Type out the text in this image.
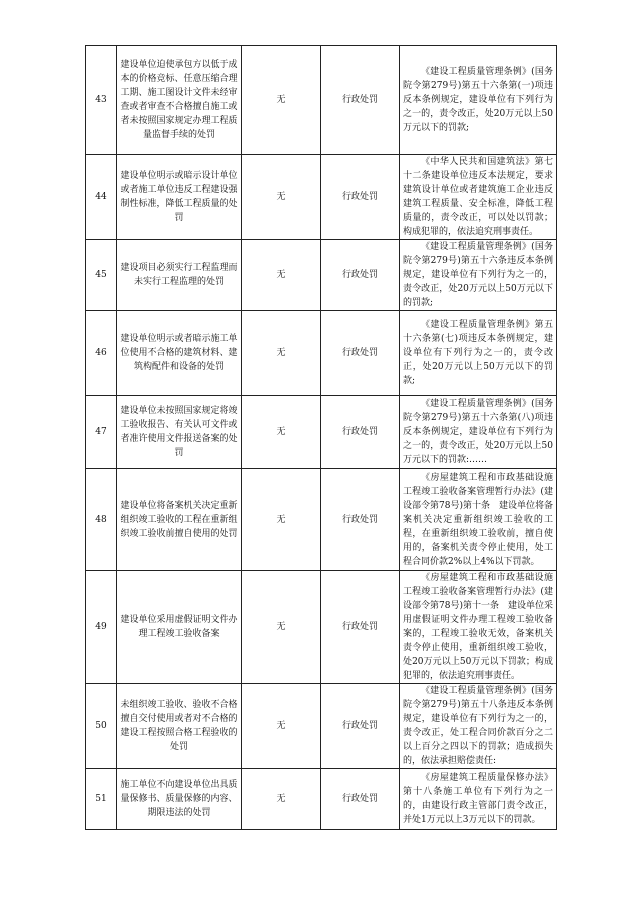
43	建设单位迫使承包方以低于成本的价格竞标、任意压缩合理工期、施工图设计文件未经审查或者审查不合格擅自施工或者未按照国家规定办理工程质量监督手续的处罚	无	行政处罚	《建设工程质量管理条例》(国务院令第279号)第五十六条第(一)项违反本条例规定，建设单位有下列行为之一的，责令改正，处20万元以上50万元以下的罚款;
44	建设单位明示或暗示设计单位或者施工单位违反工程建设强制性标准，降低工程质量的处罚	无	行政处罚	《中华人民共和国建筑法》第七十二条建设单位违反本法规定，要求建筑设计单位或者建筑施工企业违反建筑工程质量、安全标准，降低工程质量的，责令改正，可以处以罚款；构成犯罪的，依法追究刑事责任。
45	建设项目必须实行工程监理而未实行工程监理的处罚	无	行政处罚	《建设工程质量管理条例》(国务院令第279号)第五十六条违反本条例规定，建设单位有下列行为之一的，责令改正，处20万元以上50万元以下的罚款;
46	建设单位明示或者暗示施工单位使用不合格的建筑材料、建筑构配件和设备的处罚	无	行政处罚	《建设工程质量管理条例》第五十六条第(七)项违反本条例规定，建设单位有下列行为之一的，责令改正，处20万元以上50万元以下的罚款;
47	建设单位未按照国家规定将竣工验收报告、有关认可文件或者准许使用文件报送备案的处罚	无	行政处罚	《建设工程质量管理条例》(国务院令第279号)第五十六条第(八)项违反本条例规定，建设单位有下列行为之一的，责令改正，处20万元以上50万元以下的罚款:……
48	建设单位将备案机关决定重新组织竣工验收的工程在重新组织竣工验收前擅自使用的处罚	无	行政处罚	《房屋建筑工程和市政基础设施工程竣工验收备案管理暂行办法》(建设部令第78号)第十条　建设单位将备案机关决定重新组织竣工验收的工程，在重新组织竣工验收前，擅自使用的，备案机关责令停止使用，处工程合同价款2%以上4%以下罚款。
49	建设单位采用虚假证明文件办理工程竣工验收备案	无	行政处罚	《房屋建筑工程和市政基础设施工程竣工验收备案管理暂行办法》(建设部令第78号)第十一条　建设单位采用虚假证明文件办理工程竣工验收备案的，工程竣工验收无效，备案机关责令停止使用，重新组织竣工验收，处20万元以上50万元以下罚款；构成犯罪的，依法追究刑事责任。
50	未组织竣工验收、验收不合格擅自交付使用或者对不合格的建设工程按照合格工程验收的处罚	无	行政处罚	《建设工程质量管理条例》(国务院令第279号)第五十八条违反本条例规定，建设单位有下列行为之一的，责令改正，处工程合同价款百分之二以上百分之四以下的罚款；造成损失的，依法承担赔偿责任:
51	施工单位不向建设单位出具质量保修书、质量保修的内容、期限违法的处罚	无	行政处罚	《房屋建筑工程质量保修办法》第十八条施工单位有下列行为之一的，由建设行政主管部门责令改正，并处1万元以上3万元以下的罚款。
